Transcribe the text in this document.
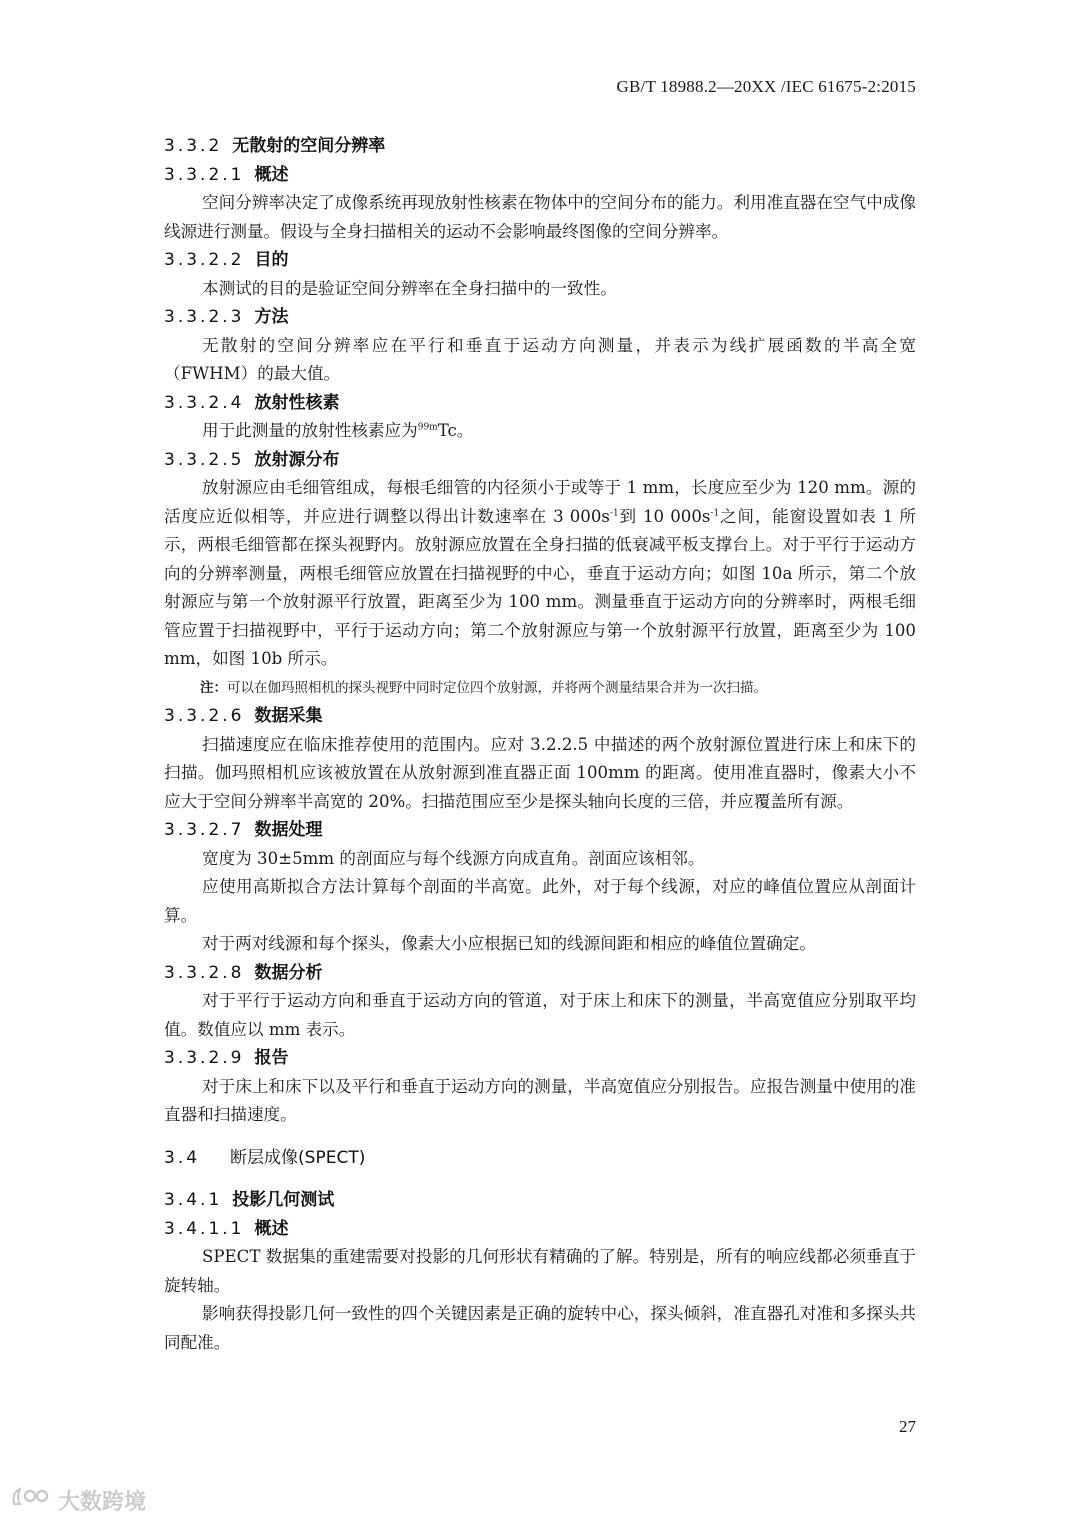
GB/T 18988.2—20XX /IEC 61675-2:2015
3.3.2 无散射的空间分辨率
3.3.2.1 概述

空间分辨率决定了成像系统再现放射性核素在物体中的空间分布的能力。利用准直器在空气中成像线源进行测量。假设与全身扫描相关的运动不会影响最终图像的空间分辨率。

3.3.2.2 目的

本测试的目的是验证空间分辨率在全身扫描中的一致性。

3.3.2.3 方法

无散射的空间分辨率应在平行和垂直于运动方向测量，并表示为线扩展函数的半高全宽（FWHM）的最大值。

3.3.2.4 放射性核素

用于此测量的放射性核素应为$^{99m}$Tc。

3.3.2.5 放射源分布

放射源应由毛细管组成，每根毛细管的内径须小于或等于 1 mm，长度应至少为 120 mm。源的活度应近似相等，并应进行调整以得出计数速率在 3 $000s^{-1}$到 10 $000s^{-1}$之间，能窗设置如表 1 所示，两根毛细管都在探头视野内。放射源应放置在全身扫描的低衰减平板支撑台上。对于平行于运动方向的分辨率测量，两根毛细管应放置在扫描视野的中心，垂直于运动方向；如图 10a 所示，第二个放射源应与第一个放射源平行放置，距离至少为 100 mm。测量垂直于运动方向的分辨率时，两根毛细管应置于扫描视野中，平行于运动方向；第二个放射源应与第一个放射源平行放置，距离至少为 100 mm，如图 10b 所示。

注：可以在伽玛照相机的探头视野中同时定位四个放射源，并将两个测量结果合并为一次扫描。

3.3.2.6 数据采集

扫描速度应在临床推荐使用的范围内。应对 3.2.2.5 中描述的两个放射源位置进行床上和床下的扫描。伽玛照相机应该被放置在从放射源到准直器正面 100mm 的距离。使用准直器时，像素大小不应大于空间分辨率半高宽的 20%。扫描范围应至少是探头轴向长度的三倍，并应覆盖所有源。

3.3.2.7 数据处理

宽度为 30±5mm 的剖面应与每个线源方向成直角。剖面应该相邻。

应使用高斯拟合方法计算每个剖面的半高宽。此外，对于每个线源，对应的峰值位置应从剖面计算。

对于两对线源和每个探头，像素大小应根据已知的线源间距和相应的峰值位置确定。

3.3.2.8 数据分析

对于平行于运动方向和垂直于运动方向的管道，对于床上和床下的测量，半高宽值应分别取平均值。数值应以 mm 表示。

3.3.2.9 报告

对于床上和床下以及平行和垂直于运动方向的测量，半高宽值应分别报告。应报告测量中使用的准直器和扫描速度。

3.4 断层成像(SPECT)
3.4.1 投影几何测试
3.4.1.1 概述

SPECT 数据集的重建需要对投影的几何形状有精确的了解。特别是，所有的响应线都必须垂直于旋转轴。

影响获得投影几何一致性的四个关键因素是正确的旋转中心，探头倾斜，准直器孔对准和多探头共同配准。

27
大数跨境
